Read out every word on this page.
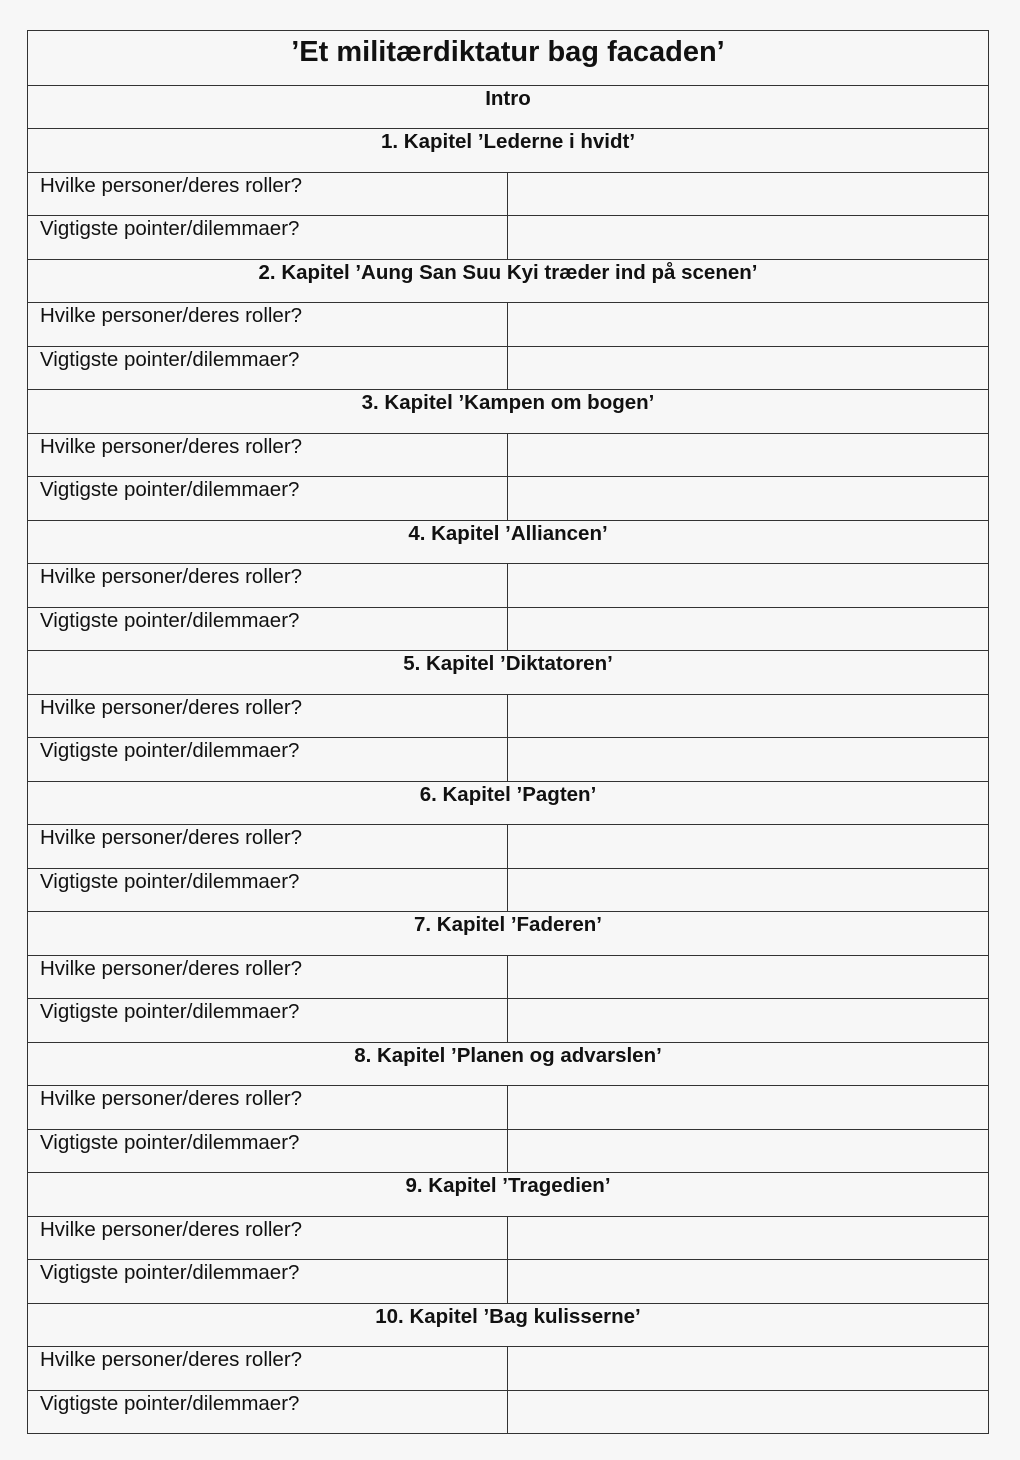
’Et militærdiktatur bag facaden’
Intro
1. Kapitel ’Lederne i hvidt’
Hvilke personer/deres roller?
Vigtigste pointer/dilemmaer?
2. Kapitel ’Aung San Suu Kyi træder ind på scenen’
Hvilke personer/deres roller?
Vigtigste pointer/dilemmaer?
3. Kapitel ’Kampen om bogen’
Hvilke personer/deres roller?
Vigtigste pointer/dilemmaer?
4. Kapitel ’Alliancen’
Hvilke personer/deres roller?
Vigtigste pointer/dilemmaer?
5. Kapitel ’Diktatoren’
Hvilke personer/deres roller?
Vigtigste pointer/dilemmaer?
6. Kapitel ’Pagten’
Hvilke personer/deres roller?
Vigtigste pointer/dilemmaer?
7. Kapitel ’Faderen’
Hvilke personer/deres roller?
Vigtigste pointer/dilemmaer?
8. Kapitel ’Planen og advarslen’
Hvilke personer/deres roller?
Vigtigste pointer/dilemmaer?
9. Kapitel ’Tragedien’
Hvilke personer/deres roller?
Vigtigste pointer/dilemmaer?
10. Kapitel ’Bag kulisserne’
Hvilke personer/deres roller?
Vigtigste pointer/dilemmaer?
